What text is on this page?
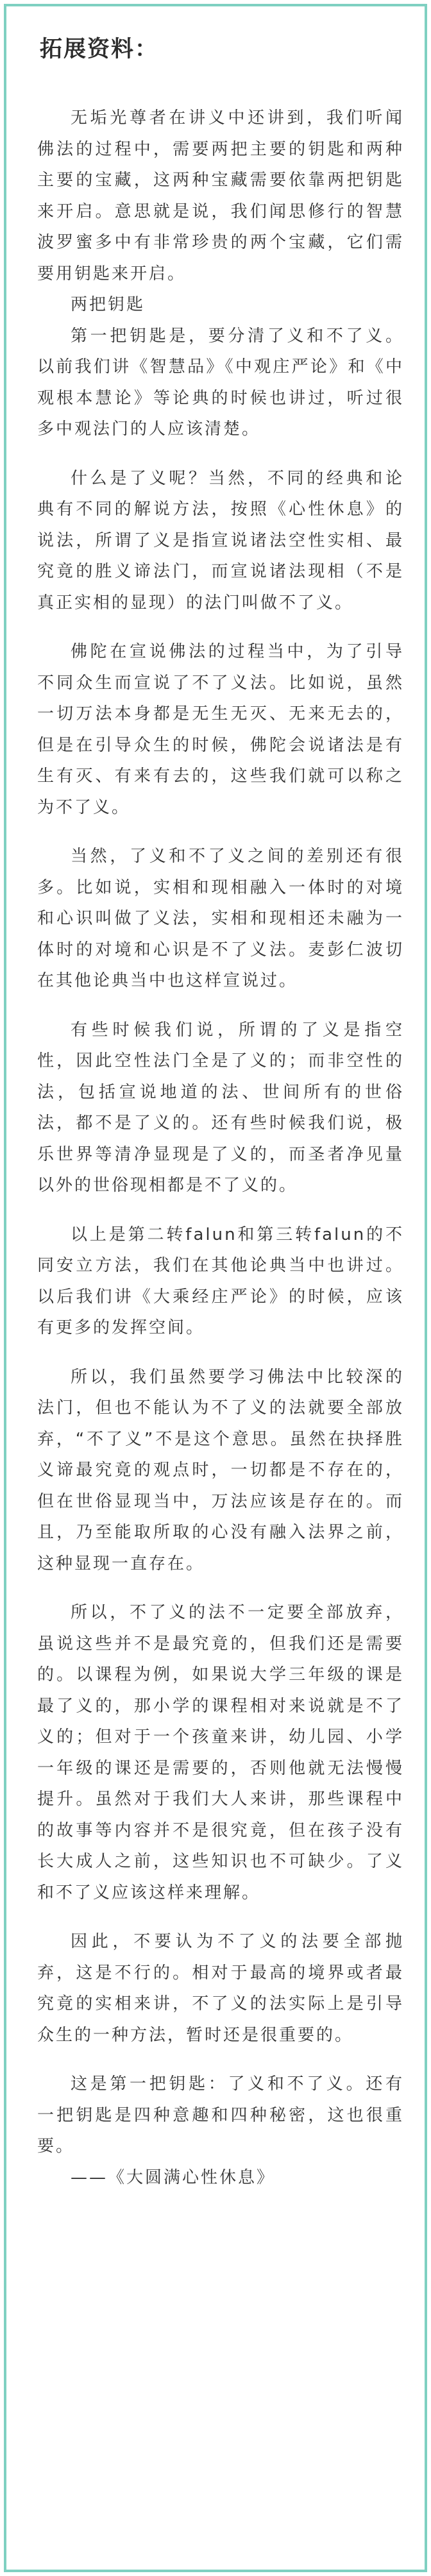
拓展资料：

无垢光尊者在讲义中还讲到，我们听闻佛法的过程中，需要两把主要的钥匙和两种主要的宝藏，这两种宝藏需要依靠两把钥匙来开启。意思就是说，我们闻思修行的智慧波罗蜜多中有非常珍贵的两个宝藏，它们需要用钥匙来开启。

两把钥匙

第一把钥匙是，要分清了义和不了义。以前我们讲《智慧品》《中观庄严论》和《中观根本慧论》等论典的时候也讲过，听过很多中观法门的人应该清楚。

什么是了义呢？当然，不同的经典和论典有不同的解说方法，按照《心性休息》的说法，所谓了义是指宣说诸法空性实相、最究竟的胜义谛法门，而宣说诸法现相（不是真正实相的显现）的法门叫做不了义。

佛陀在宣说佛法的过程当中，为了引导不同众生而宣说了不了义法。比如说，虽然一切万法本身都是无生无灭、无来无去的，但是在引导众生的时候，佛陀会说诸法是有生有灭、有来有去的，这些我们就可以称之为不了义。

当然，了义和不了义之间的差别还有很多。比如说，实相和现相融入一体时的对境和心识叫做了义法，实相和现相还未融为一体时的对境和心识是不了义法。麦彭仁波切在其他论典当中也这样宣说过。

有些时候我们说，所谓的了义是指空性，因此空性法门全是了义的；而非空性的法，包括宣说地道的法、世间所有的世俗法，都不是了义的。还有些时候我们说，极乐世界等清净显现是了义的，而圣者净见量以外的世俗现相都是不了义的。

以上是第二转falun和第三转falun的不同安立方法，我们在其他论典当中也讲过。以后我们讲《大乘经庄严论》的时候，应该有更多的发挥空间。

所以，我们虽然要学习佛法中比较深的法门，但也不能认为不了义的法就要全部放弃，“不了义”不是这个意思。虽然在抉择胜义谛最究竟的观点时，一切都是不存在的，但在世俗显现当中，万法应该是存在的。而且，乃至能取所取的心没有融入法界之前，这种显现一直存在。

所以，不了义的法不一定要全部放弃，虽说这些并不是最究竟的，但我们还是需要的。以课程为例，如果说大学三年级的课是最了义的，那小学的课程相对来说就是不了义的；但对于一个孩童来讲，幼儿园、小学一年级的课还是需要的，否则他就无法慢慢提升。虽然对于我们大人来讲，那些课程中的故事等内容并不是很究竟，但在孩子没有长大成人之前，这些知识也不可缺少。了义和不了义应该这样来理解。

因此，不要认为不了义的法要全部抛弃，这是不行的。相对于最高的境界或者最究竟的实相来讲，不了义的法实际上是引导众生的一种方法，暂时还是很重要的。

这是第一把钥匙：了义和不了义。还有一把钥匙是四种意趣和四种秘密，这也很重要。

——《大圆满心性休息》
